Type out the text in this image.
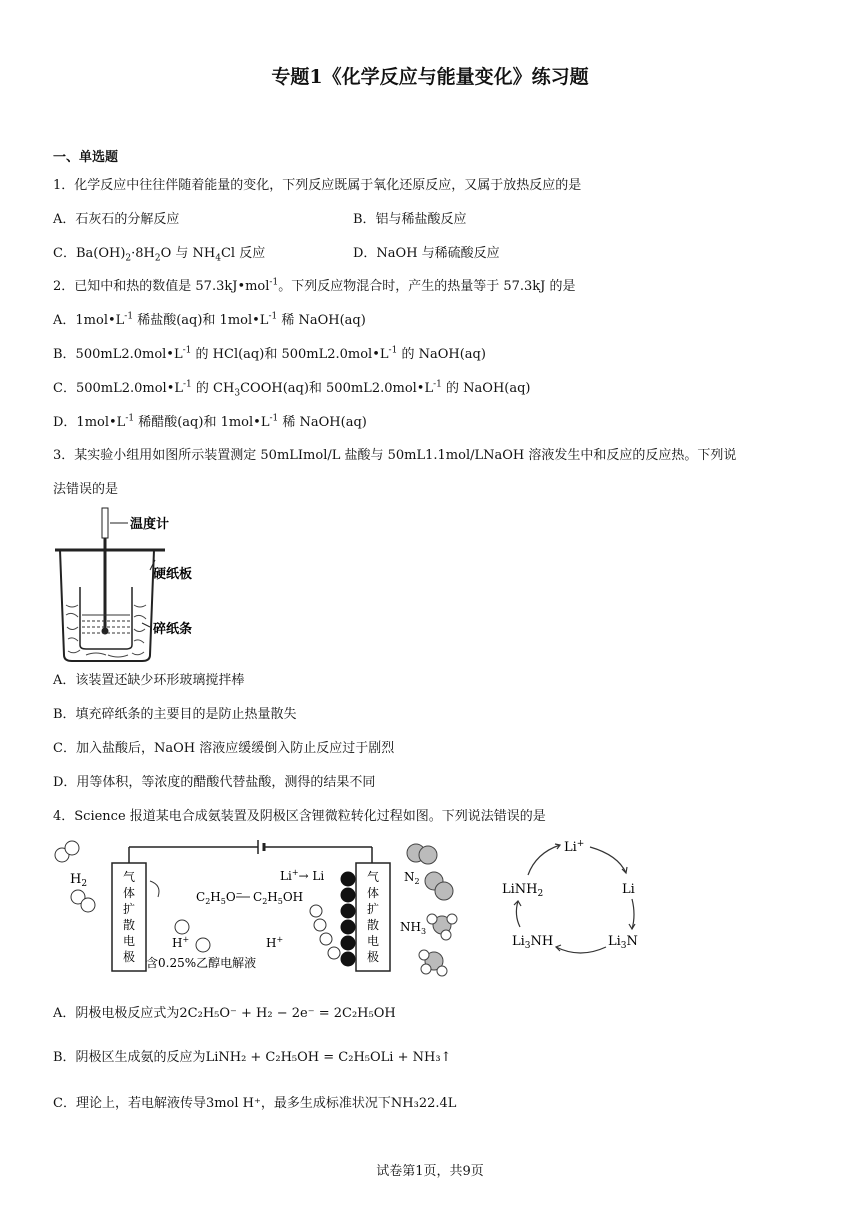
专题1《化学反应与能量变化》练习题
一、单选题
1．化学反应中往往伴随着能量的变化，下列反应既属于氧化还原反应，又属于放热反应的是
A．石灰石的分解反应	B．铝与稀盐酸反应
C．$Ba(OH)_2\cdot 8H_2O$ 与 $NH_4Cl$ 反应	D．NaOH 与稀硫酸反应
2．已知中和热的数值是 57.3kJ•mol$^{-1}$。下列反应物混合时，产生的热量等于 57.3kJ 的是
A．$1mol•L^{-1}$ 稀盐酸(aq)和 $1mol•L^{-1}$ 稀 NaOH(aq)
B．$500mL2.0mol•L^{-1}$ 的 HCl(aq)和 $500mL2.0mol•L^{-1}$ 的 NaOH(aq)
C．$500mL2.0mol•L^{-1}$ 的 $CH_3COOH(aq)$和 $500mL2.0mol•L^{-1}$ 的 NaOH(aq)
D．$1mol•L^{-1}$ 稀醋酸(aq)和 $1mol•L^{-1}$ 稀 NaOH(aq)
3．某实验小组用如图所示装置测定 50mLImol/L 盐酸与 50mL1.1mol/LNaOH 溶液发生中和反应的反应热。下列说
法错误的是
温度计
硬纸板
碎纸条
A．该装置还缺少环形玻璃搅拌棒
B．填充碎纸条的主要目的是防止热量散失
C．加入盐酸后，NaOH 溶液应缓缓倒入防止反应过于剧烈
D．用等体积，等浓度的醋酸代替盐酸，测得的结果不同
4．Science 报道某电合成氨装置及阴极区含锂微粒转化过程如图。下列说法错误的是
$H_2$	气体扩散电极
H+
$C_2H_5O^-$ $C_2H_5OH$
H+
含0.25%乙醇电解液
Li+→ Li	气体扩散电极
$N_2$
$NH_3$
Li+
Li
$Li_3N$
$Li_3NH$
LiNH$_2$
A．阴极电极反应式为2C₂H₅O⁻ + H₂ − 2e⁻ = 2C₂H₅OH
B．阴极区生成氨的反应为LiNH₂ + C₂H₅OH = C₂H₅OLi + NH₃↑
C．理论上，若电解液传导3mol H⁺，最多生成标准状况下NH₃22.4L
试卷第1页，共9页
